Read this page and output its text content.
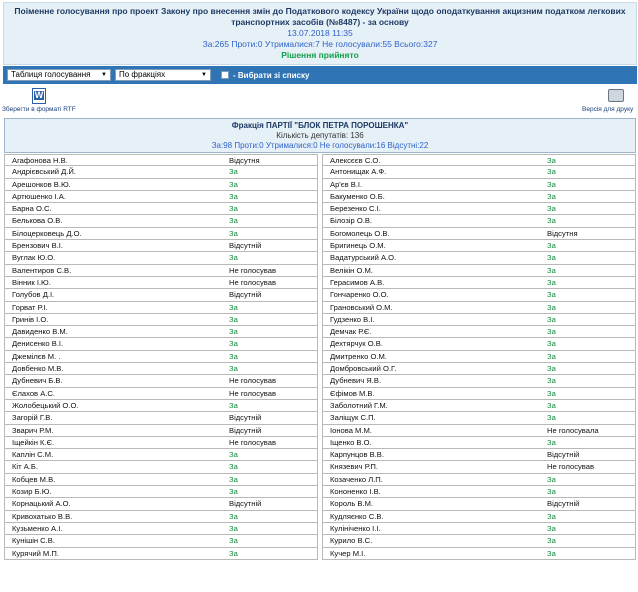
Поіменне голосування про проект Закону про внесення змін до Податкового кодексу України щодо оподаткування акцизним податком легкових транспортних засобів (№8487) - за основу
13.07.2018 11:35
За:265 Проти:0 Утрималися:7 Не голосували:55 Всього:327
Рішення прийнято
Таблиця голосування ▼ По фракціях	▼	- Вибрати зі списку
W
Зберегти в форматі RTF	Версія для друку
Фракція ПАРТІЇ "БЛОК ПЕТРА ПОРОШЕНКА"
Кількість депутатів: 136
За:98 Проти:0 Утрималися:0 Не голосували:16 Відсутні:22
Агафонова Н.В.	Відсутня	Алексєєв С.О.	За
Андрієвський Д.Й.	За	Антонищак А.Ф.	За
Арешонков В.Ю.	За	Ар'єв В.І.	За
Артюшенко І.А.	За	Бакуменко О.Б.	За
Барна О.С.	За	Березенко С.І.	За
Белькова О.В.	За	Білозір О.В.	За
Білоцерковець Д.О.	За	Богомолець О.В.	Відсутня
Брензович В.І.	Відсутній	Бригинець О.М.	За
Вуглак Ю.О.	За	Вадатурський А.О.	За
Валентиров С.В.	Не голосував	Велікін О.М.	За
Вінник І.Ю.	Не голосував	Герасимов А.В.	За
Голубов Д.І.	Відсутній	Гончаренко О.О.	За
Горват Р.І.	За	Грановський О.М.	За
Гринів І.О.	За	Гудзенко В.І.	За
Давиденко В.М.	За	Демчак Р.Є.	За
Денисенко В.І.	За	Дехтярчук О.В.	За
Джемілєв М. .	За	Дмитренко О.М.	За
Довбенко М.В.	За	Домбровський О.Г.	За
Дубневич Б.В.	Не голосував	Дубневич Я.В.	За
Єлахов А.С.	Не голосував	Єфімов М.В.	За
Жолобецький О.О.	За	Заболотний Г.М.	За
Загорій Г.В.	Відсутній	Заліщук С.П.	За
Зварич Р.М.	Відсутній	Іонова М.М.	Не голосувала
Іщейкін К.Є.	Не голосував	Іщенко В.О.	За
Каплін С.М.	За	Карпунцов В.В.	Відсутній
Кіт А.Б.	За	Князевич Р.П.	Не голосував
Кобцев М.В.	За	Козаченко Л.П.	За
Козир Б.Ю.	За	Кононенко І.В.	За
Корнацький А.О.	Відсутній	Король В.М.	Відсутній
Кривохатько В.В.	За	Кудляєнко С.В.	За
Кузьменко А.І.	За	Кулініченко І.І.	За
Кунішін С.В.	За	Курило В.С.	За
Курячий М.П.	За	Кучер М.І.	За
